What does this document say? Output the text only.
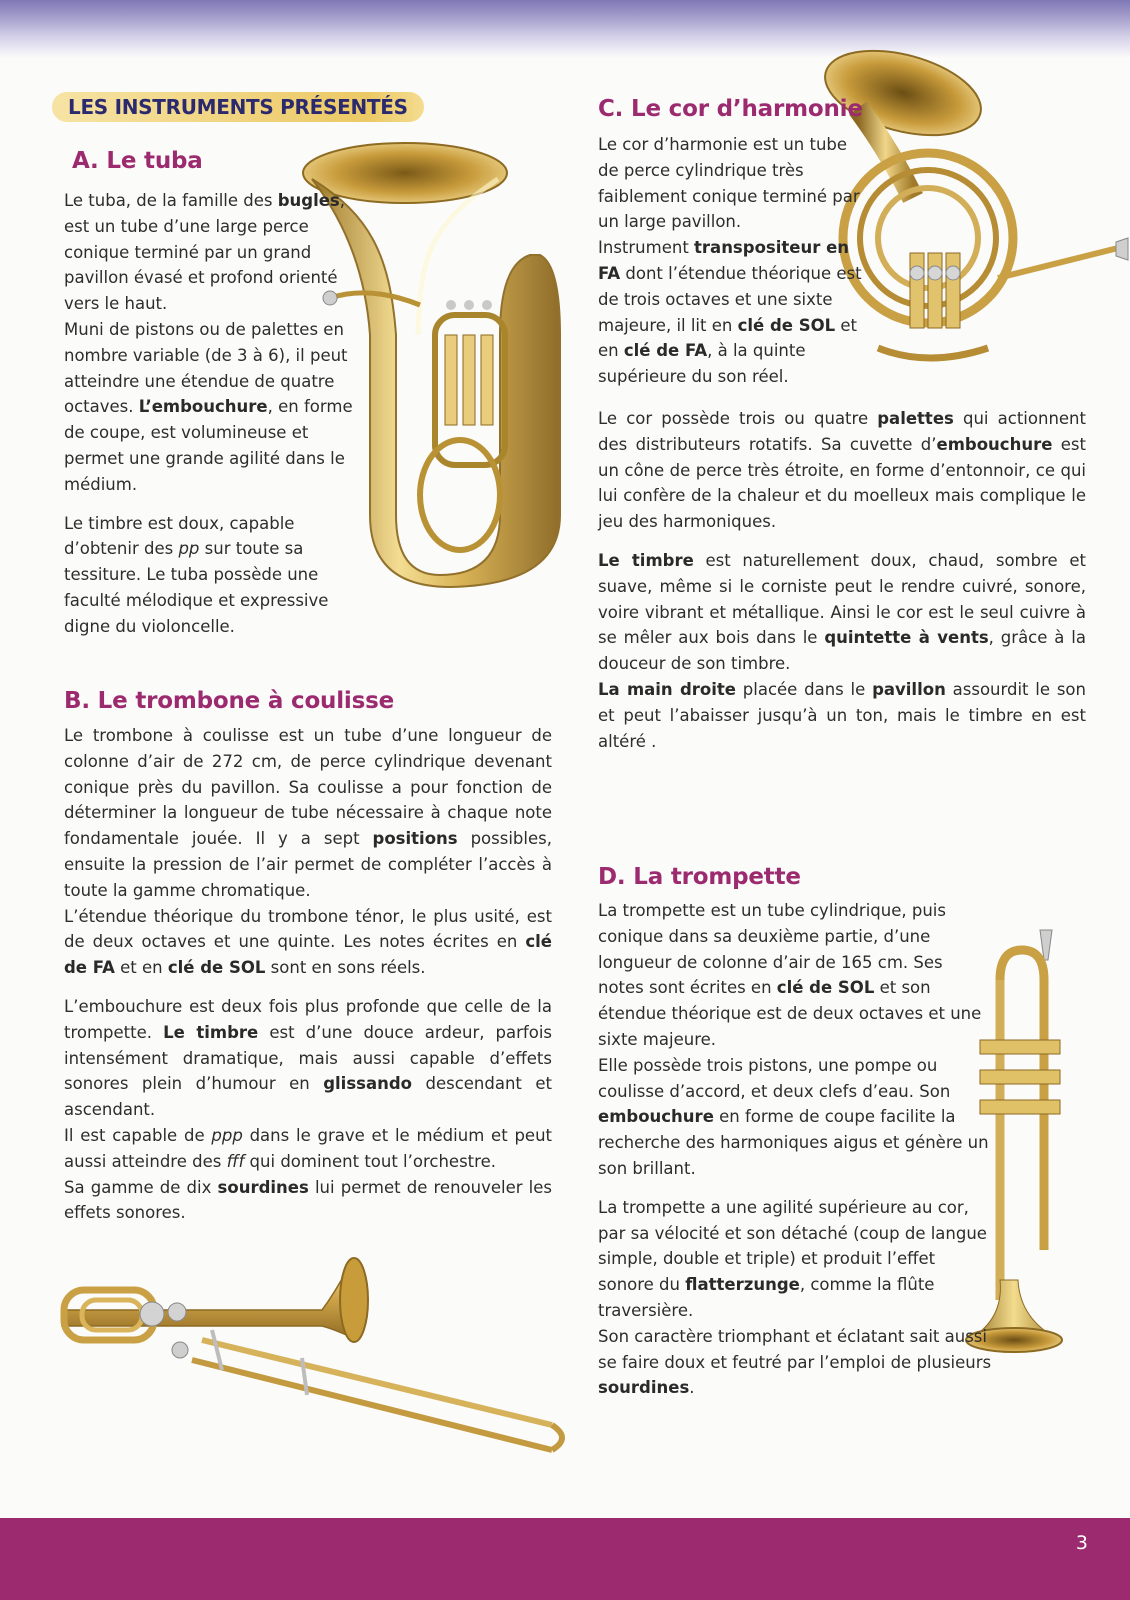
LES INSTRUMENTS PRÉSENTÉS
A. Le tuba

Le tuba, de la famille des bugles, est un tube d’une large perce conique terminé par un grand pavillon évasé et profond orienté vers le haut.
Muni de pistons ou de palettes en nombre variable (de 3 à 6), il peut atteindre une étendue de quatre octaves. L’embouchure, en forme de coupe, est volumineuse et permet une grande agilité dans le médium.

Le timbre est doux, capable d’obtenir des pp sur toute sa tessiture. Le tuba possède une faculté mélodique et expressive digne du violoncelle.

B. Le trombone à coulisse

Le trombone à coulisse est un tube d’une longueur de colonne d’air de 272 cm, de perce cylindrique devenant conique près du pavillon. Sa coulisse a pour fonction de déterminer la longueur de tube nécessaire à chaque note fondamentale jouée. Il y a sept positions possibles, ensuite la pression de l’air permet de compléter l’accès à toute la gamme chromatique.
L’étendue théorique du trombone ténor, le plus usité, est de deux octaves et une quinte. Les notes écrites en clé de FA et en clé de SOL sont en sons réels.

L’embouchure est deux fois plus profonde que celle de la trompette. Le timbre est d’une douce ardeur, parfois intensément dramatique, mais aussi capable d’effets sonores plein d’humour en glissando descendant et ascendant.
Il est capable de ppp dans le grave et le médium et peut aussi atteindre des fff qui dominent tout l’orchestre.
Sa gamme de dix sourdines lui permet de renouveler les effets sonores.

C. Le cor d’harmonie

Le cor d’harmonie est un tube de perce cylindrique très faiblement conique terminé par un large pavillon.
Instrument transpositeur en FA dont l’étendue théorique est de trois octaves et une sixte majeure, il lit en clé de SOL et en clé de FA, à la quinte supérieure du son réel.

Le cor possède trois ou quatre palettes qui actionnent des distributeurs rotatifs. Sa cuvette d’embouchure est un cône de perce très étroite, en forme d’entonnoir, ce qui lui confère de la chaleur et du moelleux mais complique le jeu des harmoniques.

Le timbre est naturellement doux, chaud, sombre et suave, même si le corniste peut le rendre cuivré, sonore, voire vibrant et métallique. Ainsi le cor est le seul cuivre à se mêler aux bois dans le quintette à vents, grâce à la douceur de son timbre.
La main droite placée dans le pavillon assourdit le son et peut l’abaisser jusqu’à un ton, mais le timbre en est altéré .

D. La trompette

La trompette est un tube cylindrique, puis conique dans sa deuxième partie, d’une longueur de colonne d’air de 165 cm. Ses notes sont écrites en clé de SOL et son étendue théorique est de deux octaves et une sixte majeure.
Elle possède trois pistons, une pompe ou coulisse d’accord, et deux clefs d’eau. Son embouchure en forme de coupe facilite la recherche des harmoniques aigus et génère un son brillant.

La trompette a une agilité supérieure au cor, par sa vélocité et son détaché (coup de langue simple, double et triple) et produit l’effet sonore du flatterzunge, comme la flûte traversière.
Son caractère triomphant et éclatant sait aussi se faire doux et feutré par l’emploi de plusieurs sourdines.

3
